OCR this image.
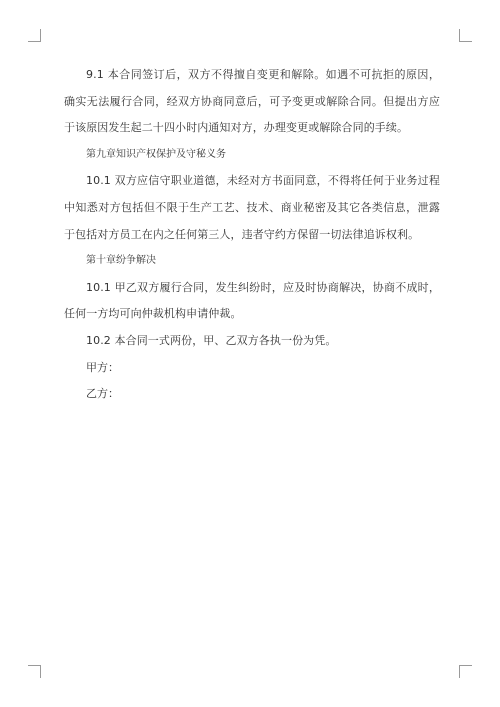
9.1 本合同签订后，双方不得擅自变更和解除。如遇不可抗拒的原因，确实无法履行合同，经双方协商同意后，可予变更或解除合同。但提出方应于该原因发生起二十四小时内通知对方，办理变更或解除合同的手续。

第九章知识产权保护及守秘义务

10.1 双方应信守职业道德，未经对方书面同意，不得将任何于业务过程中知悉对方包括但不限于生产工艺、技术、商业秘密及其它各类信息，泄露于包括对方员工在内之任何第三人，违者守约方保留一切法律追诉权利。

第十章纷争解决

10.1 甲乙双方履行合同，发生纠纷时，应及时协商解决，协商不成时，任何一方均可向仲裁机构申请仲裁。

10.2 本合同一式两份，甲、乙双方各执一份为凭。

甲方：

乙方：
